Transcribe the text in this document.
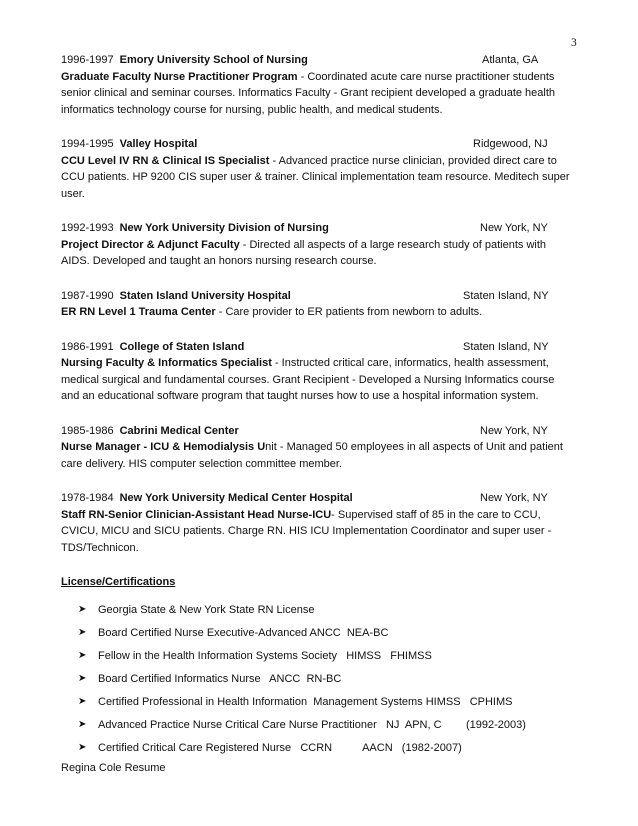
3
1996-1997 Emory University School of Nursing	Atlanta, GA

Graduate Faculty Nurse Practitioner Program - Coordinated acute care nurse practitioner students senior clinical and seminar courses. Informatics Faculty - Grant recipient developed a graduate health informatics technology course for nursing, public health, and medical students.

1994-1995 Valley Hospital	Ridgewood, NJ

CCU Level IV RN & Clinical IS Specialist - Advanced practice nurse clinician, provided direct care to CCU patients. HP 9200 CIS super user & trainer. Clinical implementation team resource. Meditech super user.

1992-1993 New York University Division of Nursing	New York, NY

Project Director & Adjunct Faculty - Directed all aspects of a large research study of patients with AIDS. Developed and taught an honors nursing research course.

1987-1990 Staten Island University Hospital	Staten Island, NY

ER RN Level 1 Trauma Center - Care provider to ER patients from newborn to adults.

1986-1991 College of Staten Island	Staten Island, NY

Nursing Faculty & Informatics Specialist - Instructed critical care, informatics, health assessment, medical surgical and fundamental courses. Grant Recipient - Developed a Nursing Informatics course and an educational software program that taught nurses how to use a hospital information system.

1985-1986 Cabrini Medical Center	New York, NY

Nurse Manager - ICU & Hemodialysis Unit - Managed 50 employees in all aspects of Unit and patient care delivery. HIS computer selection committee member.

1978-1984 New York University Medical Center Hospital	New York, NY

Staff RN-Senior Clinician-Assistant Head Nurse-ICU- Supervised staff of 85 in the care to CCU, CVICU, MICU and SICU patients. Charge RN. HIS ICU Implementation Coordinator and super user - TDS/Technicon.

License/Certifications
➤ Georgia State & New York State RN License
➤ Board Certified Nurse Executive-Advanced ANCC  NEA-BC
➤ Fellow in the Health Information Systems Society   HIMSS   FHIMSS
➤ Board Certified Informatics Nurse   ANCC  RN-BC
➤ Certified Professional in Health Information  Management Systems HIMSS   CPHIMS
➤ Advanced Practice Nurse Critical Care Nurse Practitioner   NJ  APN, C        (1992-2003)
➤ Certified Critical Care Registered Nurse   CCRN          AACN   (1982-2007)
Regina Cole Resume
